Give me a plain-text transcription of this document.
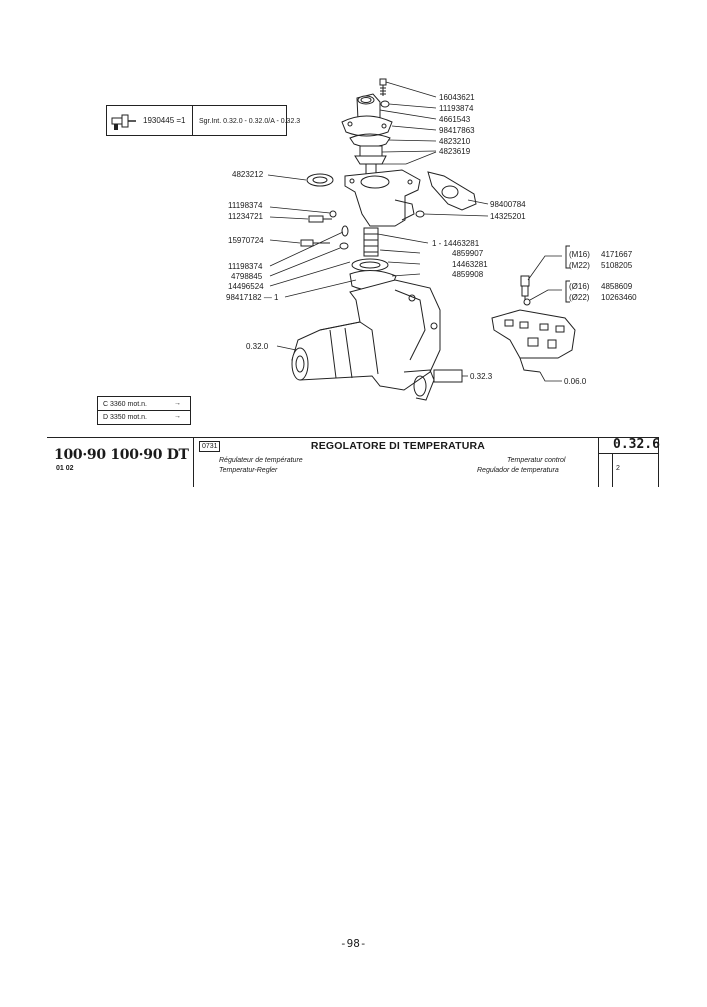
1930445 =1 Sgr.Int. 0.32.0 - 0.32.0/A - 0.32.3
16043621
11193874
4661543
98417863
4823210
4823619
4823212
98400784
14325201
11198374
11234721
15970724	1 - 14463281
4859907
11198374	14463281
4798845	4859908
14496524
98417182 — 1
0.32.0
0.32.3
0.06.0
(M16) 4171667
(M22) 5108205
(Ø16) 4858609
(Ø22) 10263460
C 3360 mot.n.	→
D 3350 mot.n.	→
100·90 100·90 DT
01 02
0731	REGOLATORE DI TEMPERATURA
Régulateur de température
Temperatur-Regler
Temperatur control
Regulador de temperatura
0.32.6
2
-98-
